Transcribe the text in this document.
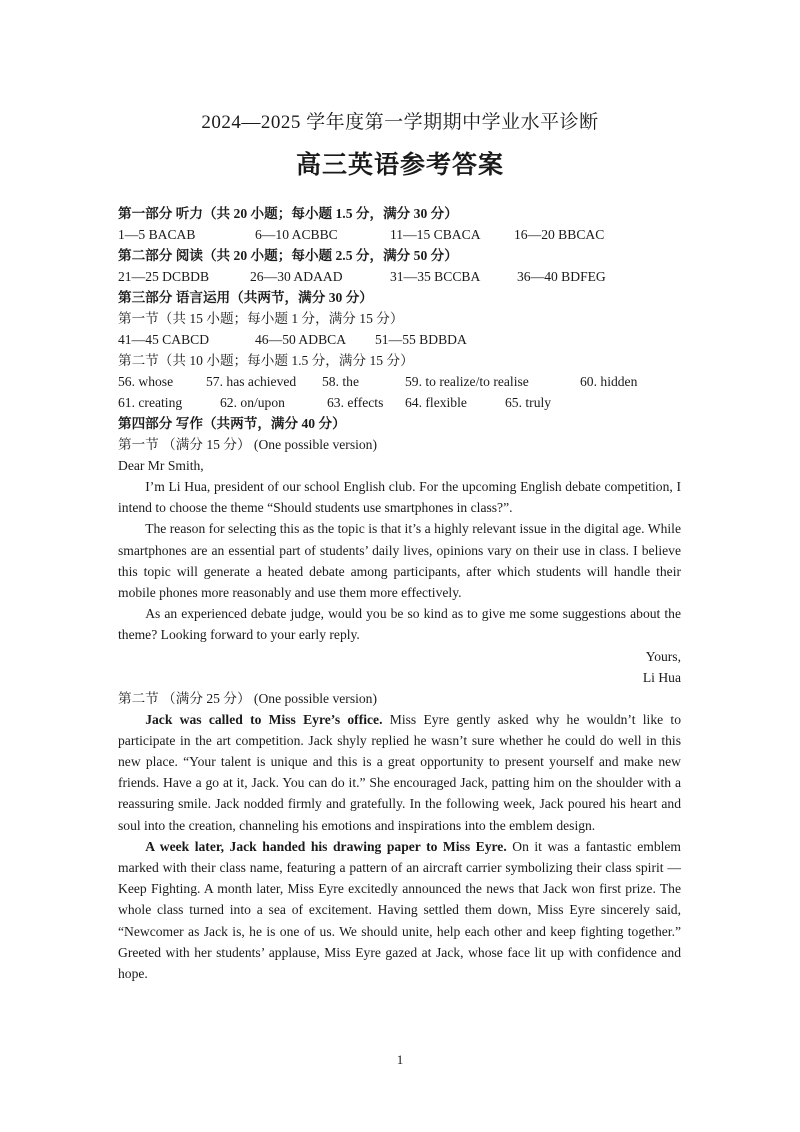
2024—2025 学年度第一学期期中学业水平诊断
高三英语参考答案
第一部分 听力（共 20 小题；每小题 1.5 分，满分 30 分）
1—5 BACAB	6—10 ACBBC	11—15 CBACA 16—20 BBCAC
第二部分 阅读（共 20 小题；每小题 2.5 分，满分 50 分）
21—25 DCBDB	26—30 ADAAD	31—35 BCCBA	36—40 BDFEG
第三部分 语言运用（共两节，满分 30 分）
第一节（共 15 小题；每小题 1 分，满分 15 分）
41—45 CABCD	46—50 ADBCA 51—55 BDBDA
第二节（共 10 小题；每小题 1.5 分，满分 15 分）
56. whose 57. has achieved 58. the	59. to realize/to realise	60. hidden
61. creating	62. on/upon	63. effects 64. flexible	65. truly
第四部分 写作（共两节，满分 40 分）
第一节 （满分 15 分） (One possible version)
Dear Mr Smith,
I’m Li Hua, president of our school English club. For the upcoming English debate competition, I intend to choose the theme “Should students use smartphones in class?”.
The reason for selecting this as the topic is that it’s a highly relevant issue in the digital age. While smartphones are an essential part of students’ daily lives, opinions vary on their use in class. I believe this topic will generate a heated debate among participants, after which students will handle their mobile phones more reasonably and use them more effectively.
As an experienced debate judge, would you be so kind as to give me some suggestions about the theme? Looking forward to your early reply.
Yours,
Li Hua
第二节 （满分 25 分） (One possible version)
Jack was called to Miss Eyre’s office. Miss Eyre gently asked why he wouldn’t like to participate in the art competition. Jack shyly replied he wasn’t sure whether he could do well in this new place. “Your talent is unique and this is a great opportunity to present yourself and make new friends. Have a go at it, Jack. You can do it.” She encouraged Jack, patting him on the shoulder with a reassuring smile. Jack nodded firmly and gratefully. In the following week, Jack poured his heart and soul into the creation, channeling his emotions and inspirations into the emblem design.
A week later, Jack handed his drawing paper to Miss Eyre. On it was a fantastic emblem marked with their class name, featuring a pattern of an aircraft carrier symbolizing their class spirit — Keep Fighting. A month later, Miss Eyre excitedly announced the news that Jack won first prize. The whole class turned into a sea of excitement. Having settled them down, Miss Eyre sincerely said, “Newcomer as Jack is, he is one of us. We should unite, help each other and keep fighting together.” Greeted with her students’ applause, Miss Eyre gazed at Jack, whose face lit up with confidence and hope.
1
